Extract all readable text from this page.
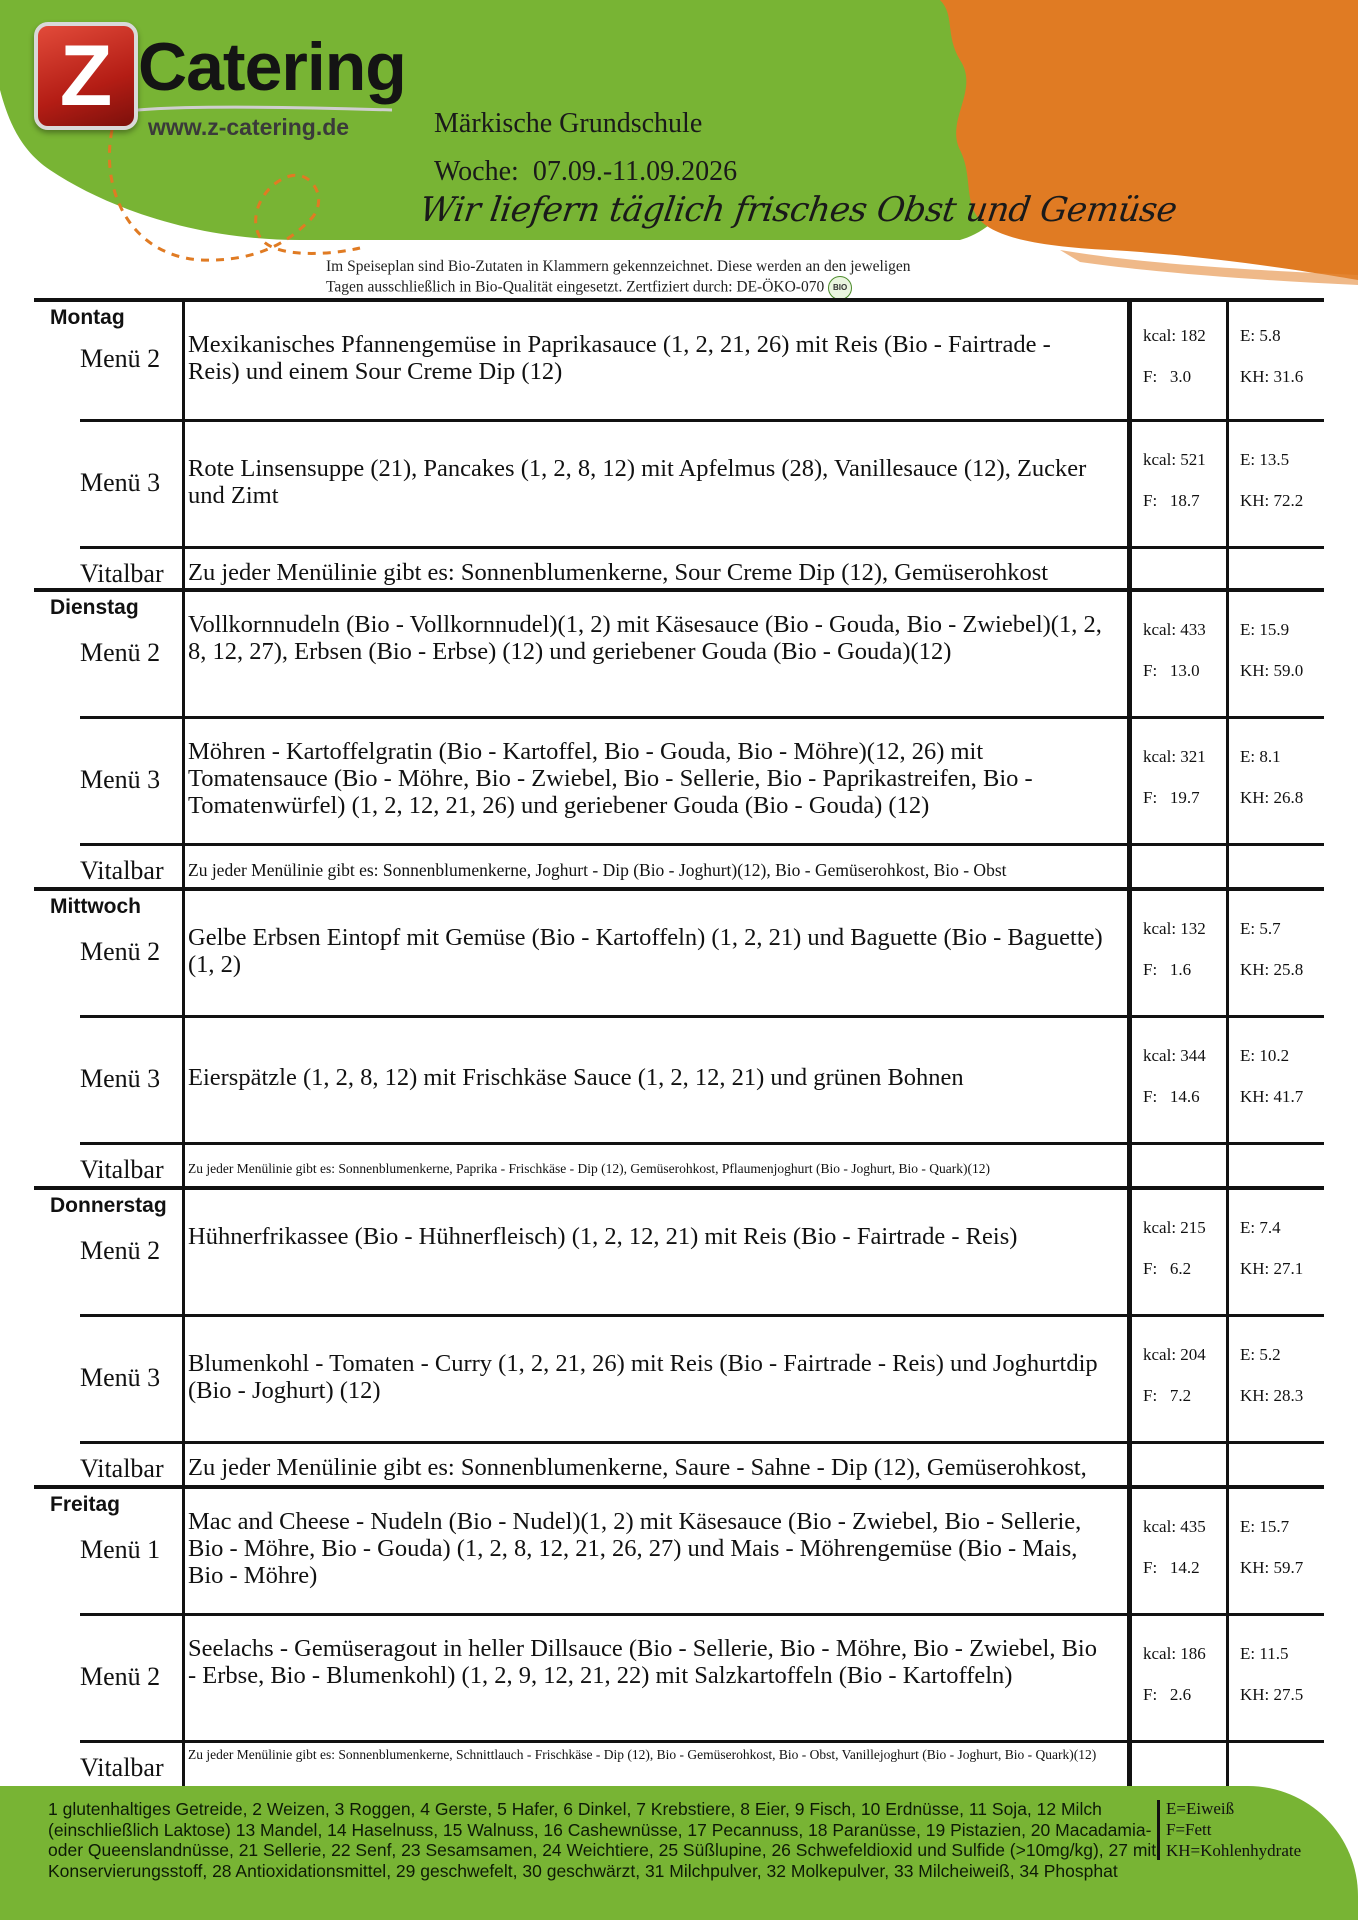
Z Catering
www.z-catering.de	Märkische Grundschule
Woche: 07.09.-11.09.2026
Wir liefern täglich frisches Obst und Gemüse
Im Speiseplan sind Bio-Zutaten in Klammern gekennzeichnet. Diese werden an den jeweligen
Tagen ausschließlich in Bio-Qualität eingesetzt. Zertfiziert durch: DE-ÖKO-070 BIO
Montag
Menü 2 Mexikanisches Pfannengemüse in Paprikasauce (1, 2, 21, 26) mit Reis (Bio - Fairtrade - Reis) und einem Sour Creme Dip (12)
kcal: 182
F:   3.0
E: 5.8
KH: 31.6
Menü 3 Rote Linsensuppe (21), Pancakes (1, 2, 8, 12) mit Apfelmus (28), Vanillesauce (12), Zucker und Zimt
kcal: 521
F:   18.7
E: 13.5
KH: 72.2
Vitalbar Zu jeder Menülinie gibt es: Sonnenblumenkerne, Sour Creme Dip (12), Gemüserohkost
Dienstag
Menü 2
Vollkornnudeln (Bio - Vollkornnudel)(1, 2) mit Käsesauce (Bio - Gouda, Bio - Zwiebel)(1, 2, 8, 12, 27), Erbsen (Bio - Erbse) (12) und geriebener Gouda (Bio - Gouda)(12)
kcal: 433
F:   13.0
E: 15.9
KH: 59.0
Menü 3
Möhren - Kartoffelgratin (Bio - Kartoffel, Bio - Gouda, Bio - Möhre)(12, 26) mit Tomatensauce (Bio - Möhre, Bio - Zwiebel, Bio - Sellerie, Bio - Paprikastreifen, Bio - Tomatenwürfel) (1, 2, 12, 21, 26) und geriebener Gouda (Bio - Gouda) (12)
kcal: 321
F:   19.7
E: 8.1
KH: 26.8
Vitalbar Zu jeder Menülinie gibt es: Sonnenblumenkerne, Joghurt - Dip (Bio - Joghurt)(12), Bio - Gemüserohkost, Bio - Obst
Mittwoch
Menü 2 Gelbe Erbsen Eintopf mit Gemüse (Bio - Kartoffeln) (1, 2, 21) und Baguette (Bio - Baguette) (1, 2)
kcal: 132
F:   1.6
E: 5.7
KH: 25.8
Menü 3 Eierspätzle (1, 2, 8, 12) mit Frischkäse Sauce (1, 2, 12, 21) und grünen Bohnen
kcal: 344
F:   14.6
E: 10.2
KH: 41.7
Vitalbar Zu jeder Menülinie gibt es: Sonnenblumenkerne, Paprika - Frischkäse - Dip (12), Gemüserohkost, Pflaumenjoghurt (Bio - Joghurt, Bio - Quark)(12)
Donnerstag
Menü 2 Hühnerfrikassee (Bio - Hühnerfleisch) (1, 2, 12, 21) mit Reis (Bio - Fairtrade - Reis)	kcal: 215
F:   6.2
E: 7.4
KH: 27.1
Menü 3 Blumenkohl - Tomaten - Curry (1, 2, 21, 26) mit Reis (Bio - Fairtrade - Reis) und Joghurtdip (Bio - Joghurt) (12)
kcal: 204
F:   7.2
E: 5.2
KH: 28.3
Vitalbar Zu jeder Menülinie gibt es: Sonnenblumenkerne, Saure - Sahne - Dip (12), Gemüserohkost,
Freitag
Menü 1
Mac and Cheese - Nudeln (Bio - Nudel)(1, 2) mit Käsesauce (Bio - Zwiebel, Bio - Sellerie, Bio - Möhre, Bio - Gouda) (1, 2, 8, 12, 21, 26, 27) und Mais - Möhrengemüse (Bio - Mais, Bio - Möhre)
kcal: 435
F:   14.2
E: 15.7
KH: 59.7
Menü 2
Seelachs - Gemüseragout in heller Dillsauce (Bio - Sellerie, Bio - Möhre, Bio - Zwiebel, Bio - Erbse, Bio - Blumenkohl) (1, 2, 9, 12, 21, 22) mit Salzkartoffeln (Bio - Kartoffeln)
kcal: 186
F:   2.6
E: 11.5
KH: 27.5
Vitalbar Zu jeder Menülinie gibt es: Sonnenblumenkerne, Schnittlauch - Frischkäse - Dip (12), Bio - Gemüserohkost, Bio - Obst, Vanillejoghurt (Bio - Joghurt, Bio - Quark)(12)
1 glutenhaltiges Getreide, 2 Weizen, 3 Roggen, 4 Gerste, 5 Hafer, 6 Dinkel, 7 Krebstiere, 8 Eier, 9 Fisch, 10 Erdnüsse, 11 Soja, 12 Milch (einschließlich Laktose) 13 Mandel, 14 Haselnuss, 15 Walnuss, 16 Cashewnüsse, 17 Pecannuss, 18 Paranüsse, 19 Pistazien, 20 Macadamia- oder Queenslandnüsse, 21 Sellerie, 22 Senf, 23 Sesamsamen, 24 Weichtiere, 25 Süßlupine, 26 Schwefeldioxid und Sulfide (>10mg/kg), 27 mit Konservierungsstoff, 28 Antioxidationsmittel, 29 geschwefelt, 30 geschwärzt, 31 Milchpulver, 32 Molkepulver, 33 Milcheiweiß, 34 Phosphat
E=Eiweiß
F=Fett
KH=Kohlenhydrate
